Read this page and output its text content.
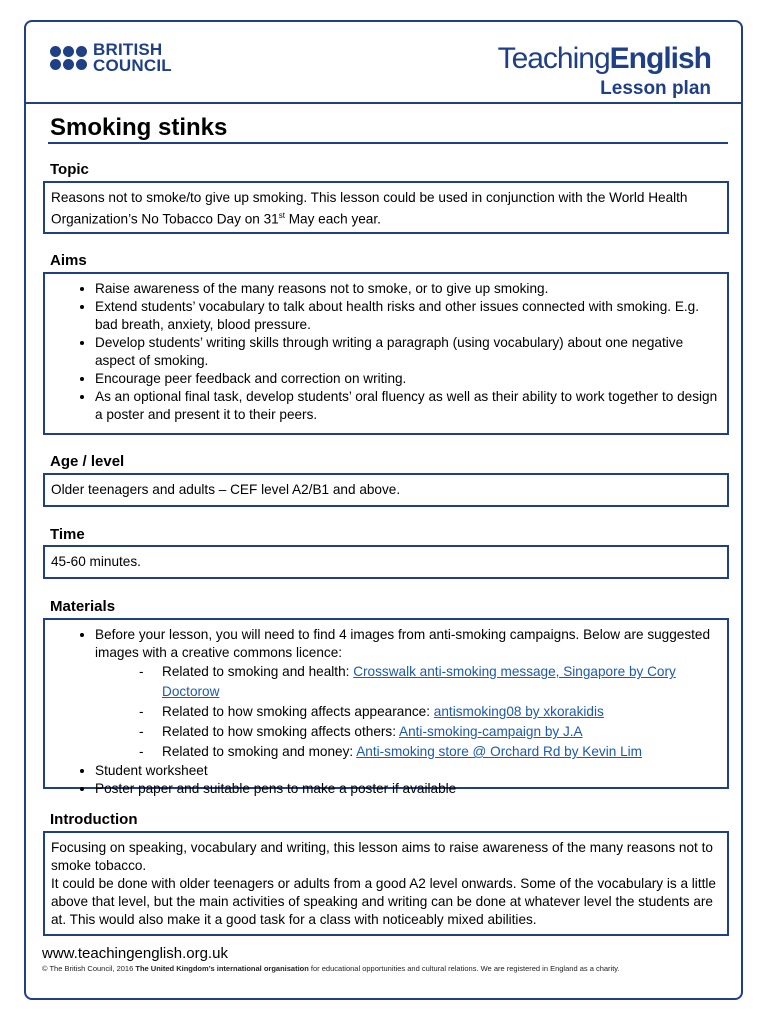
BRITISH
COUNCIL	TeachingEnglish
Lesson plan
Smoking stinks
Topic
Reasons not to smoke/to give up smoking. This lesson could be used in conjunction with the World Health Organization’s No Tobacco Day on 31st May each year.
Aims
• Raise awareness of the many reasons not to smoke, or to give up smoking.
• Extend students’ vocabulary to talk about health risks and other issues connected with smoking. E.g. bad breath, anxiety, blood pressure.
• Develop students’ writing skills through writing a paragraph (using vocabulary) about one negative aspect of smoking.
• Encourage peer feedback and correction on writing.
• As an optional final task, develop students’ oral fluency as well as their ability to work together to design a poster and present it to their peers.
Age / level
Older teenagers and adults – CEF level A2/B1 and above.
Time
45-60 minutes.
Materials
• Before your lesson, you will need to find 4 images from anti-smoking campaigns. Below are suggested images with a creative commons licence:
- Related to smoking and health: Crosswalk anti-smoking message, Singapore by Cory Doctorow
- Related to how smoking affects appearance: antismoking08 by xkorakidis
- Related to how smoking affects others: Anti-smoking-campaign by J.A
- Related to smoking and money: Anti-smoking store @ Orchard Rd by Kevin Lim
• Student worksheet
• Poster paper and suitable pens to make a poster if available
Introduction
Focusing on speaking, vocabulary and writing, this lesson aims to raise awareness of the many reasons not to smoke tobacco.
It could be done with older teenagers or adults from a good A2 level onwards. Some of the vocabulary is a little above that level, but the main activities of speaking and writing can be done at whatever level the students are at. This would also make it a good task for a class with noticeably mixed abilities.
www.teachingenglish.org.uk
© The British Council, 2016 The United Kingdom’s international organisation for educational opportunities and cultural relations. We are registered in England as a charity.
